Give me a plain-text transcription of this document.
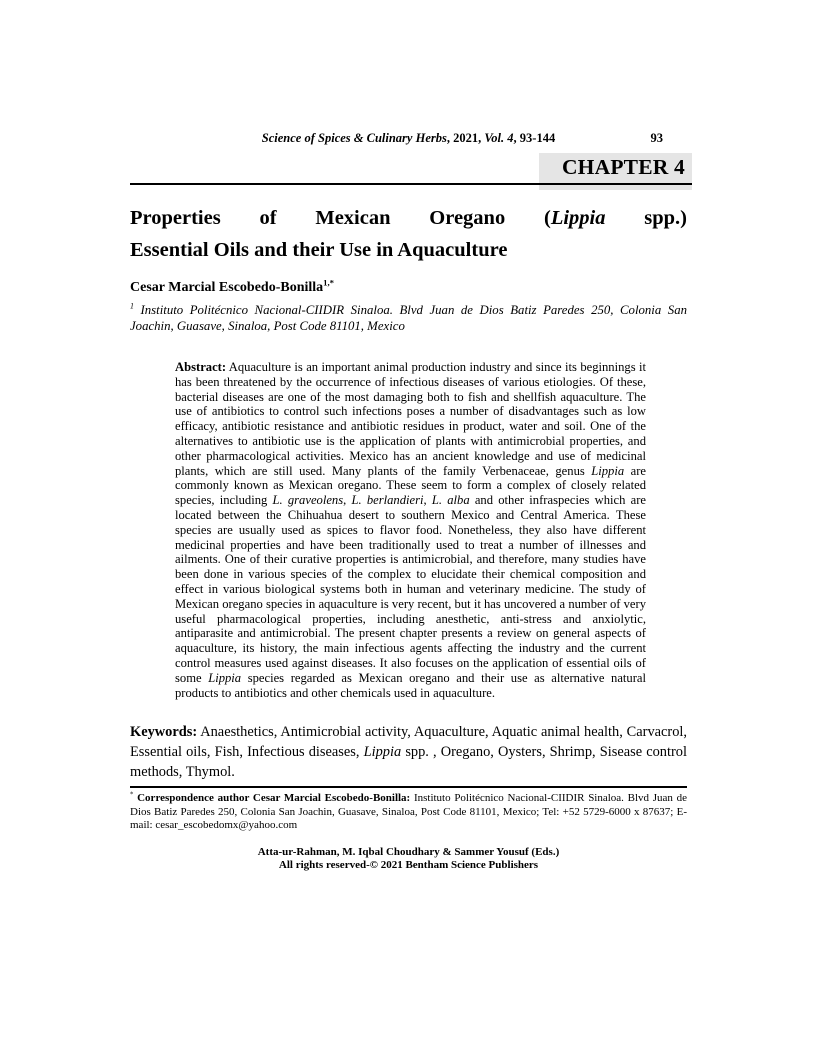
Science of Spices & Culinary Herbs, 2021, Vol. 4, 93-144	93
CHAPTER 4
Properties of Mexican Oregano (Lippia spp.)
Essential Oils and their Use in Aquaculture
Cesar Marcial Escobedo-Bonilla$^{1,*}$
$^1$ Instituto Politécnico Nacional-CIIDIR Sinaloa. Blvd Juan de Dios Batiz Paredes 250, Colonia San Joachin, Guasave, Sinaloa, Post Code 81101, Mexico
Abstract: Aquaculture is an important animal production industry and since its beginnings it has been threatened by the occurrence of infectious diseases of various etiologies. Of these, bacterial diseases are one of the most damaging both to fish and shellfish aquaculture. The use of antibiotics to control such infections poses a number of disadvantages such as low efficacy, antibiotic resistance and antibiotic residues in product, water and soil. One of the alternatives to antibiotic use is the application of plants with antimicrobial properties, and other pharmacological activities. Mexico has an ancient knowledge and use of medicinal plants, which are still used. Many plants of the family Verbenaceae, genus Lippia are commonly known as Mexican oregano. These seem to form a complex of closely related species, including L. graveolens, L. berlandieri, L. alba and other infraspecies which are located between the Chihuahua desert to southern Mexico and Central America. These species are usually used as spices to flavor food. Nonetheless, they also have different medicinal properties and have been traditionally used to treat a number of illnesses and ailments. One of their curative properties is antimicrobial, and therefore, many studies have been done in various species of the complex to elucidate their chemical composition and effect in various biological systems both in human and veterinary medicine. The study of Mexican oregano species in aquaculture is very recent, but it has uncovered a number of very useful pharmacological properties, including anesthetic, anti-stress and anxiolytic, antiparasite and antimicrobial. The present chapter presents a review on general aspects of aquaculture, its history, the main infectious agents affecting the industry and the current control measures used against diseases. It also focuses on the application of essential oils of some Lippia species regarded as Mexican oregano and their use as alternative natural products to antibiotics and other chemicals used in aquaculture.
Keywords: Anaesthetics, Antimicrobial activity, Aquaculture, Aquatic animal health, Carvacrol, Essential oils, Fish, Infectious diseases, Lippia spp. , Oregano, Oysters, Shrimp, Sisease control methods, Thymol.
* Correspondence author Cesar Marcial Escobedo-Bonilla: Instituto Politécnico Nacional-CIIDIR Sinaloa. Blvd Juan de Dios Batiz Paredes 250, Colonia San Joachin, Guasave, Sinaloa, Post Code 81101, Mexico; Tel: +52 5729-6000 x 87637; E-mail: cesar_escobedomx@yahoo.com
Atta-ur-Rahman, M. Iqbal Choudhary & Sammer Yousuf (Eds.)
All rights reserved-© 2021 Bentham Science Publishers
